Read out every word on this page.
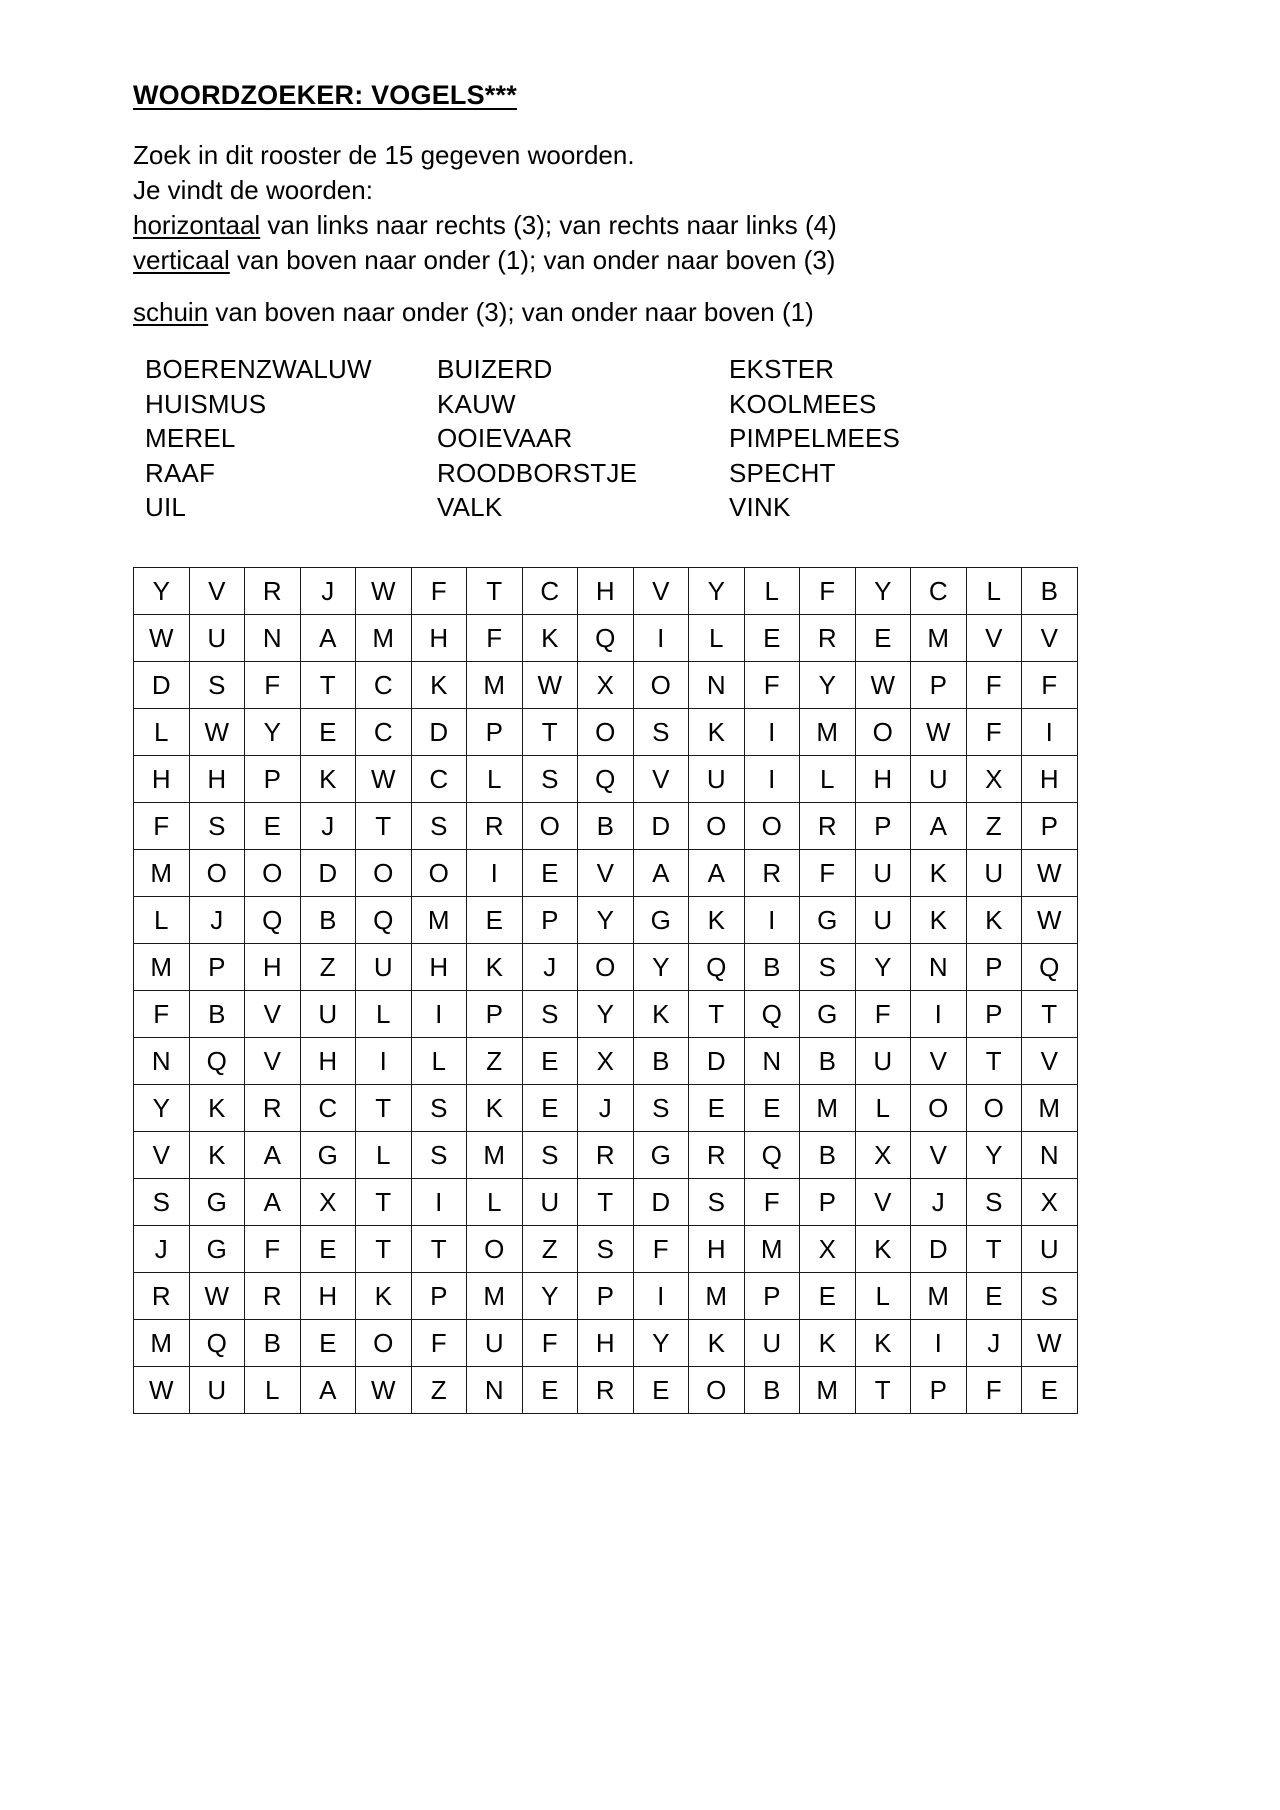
WOORDZOEKER: VOGELS***
Zoek in dit rooster de 15 gegeven woorden.
Je vindt de woorden:
horizontaal van links naar rechts (3); van rechts naar links (4)
verticaal van boven naar onder (1); van onder naar boven (3)
schuin van boven naar onder (3); van onder naar boven (1)
BOERENZWALUW	BUIZERD	EKSTER
HUISMUS	KAUW	KOOLMEES
MEREL	OOIEVAAR	PIMPELMEES
RAAF	ROODBORSTJE	SPECHT
UIL	VALK	VINK
Y	V	R	J	W	F	T	C	H	V	Y	L	F	Y	C	L	B
W	U	N	A	M	H	F	K	Q	I	L	E	R	E	M	V	V
D	S	F	T	C	K	M	W	X	O	N	F	Y	W	P	F	F
L	W	Y	E	C	D	P	T	O	S	K	I	M	O	W	F	I
H	H	P	K	W	C	L	S	Q	V	U	I	L	H	U	X	H
F	S	E	J	T	S	R	O	B	D	O	O	R	P	A	Z	P
M	O	O	D	O	O	I	E	V	A	A	R	F	U	K	U	W
L	J	Q	B	Q	M	E	P	Y	G	K	I	G	U	K	K	W
M	P	H	Z	U	H	K	J	O	Y	Q	B	S	Y	N	P	Q
F	B	V	U	L	I	P	S	Y	K	T	Q	G	F	I	P	T
N	Q	V	H	I	L	Z	E	X	B	D	N	B	U	V	T	V
Y	K	R	C	T	S	K	E	J	S	E	E	M	L	O	O	M
V	K	A	G	L	S	M	S	R	G	R	Q	B	X	V	Y	N
S	G	A	X	T	I	L	U	T	D	S	F	P	V	J	S	X
J	G	F	E	T	T	O	Z	S	F	H	M	X	K	D	T	U
R	W	R	H	K	P	M	Y	P	I	M	P	E	L	M	E	S
M	Q	B	E	O	F	U	F	H	Y	K	U	K	K	I	J	W
W	U	L	A	W	Z	N	E	R	E	O	B	M	T	P	F	E
